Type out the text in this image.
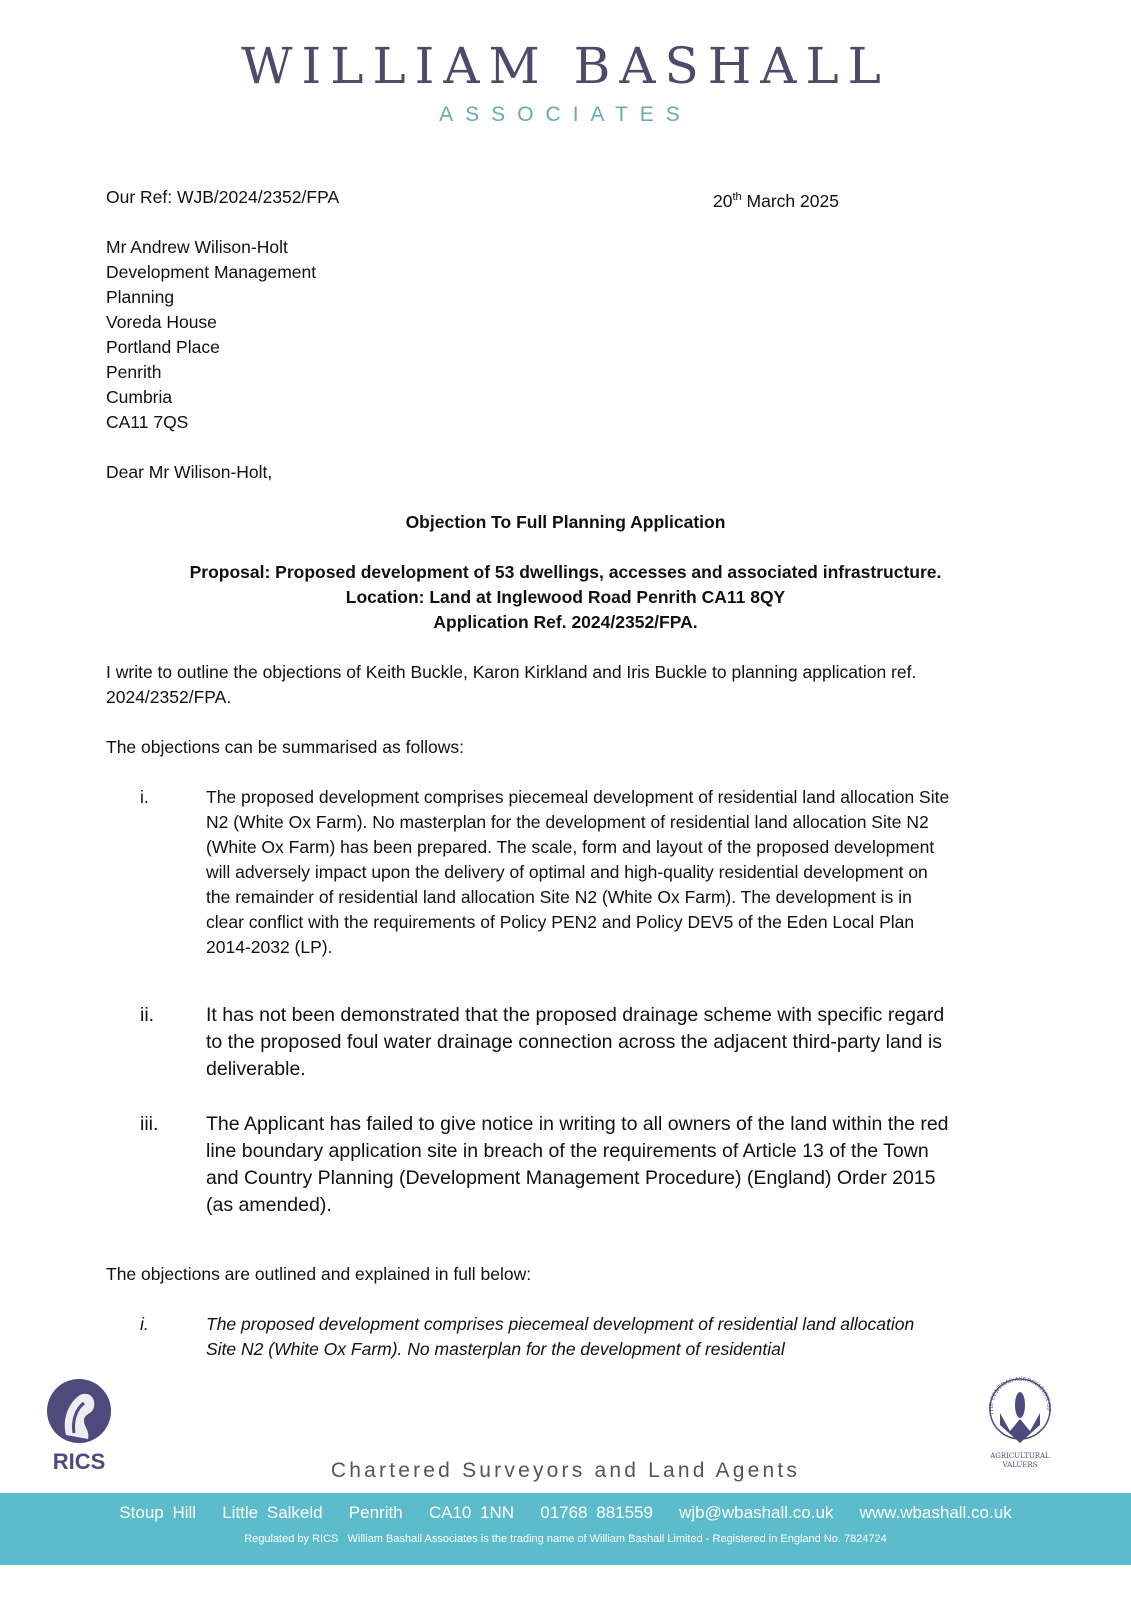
WILLIAM BASHALL
ASSOCIATES
Our Ref: WJB/2024/2352/FPA	20th March 2025
Mr Andrew Wilison-Holt
Development Management
Planning
Voreda House
Portland Place
Penrith
Cumbria
CA11 7QS
Dear Mr Wilison-Holt,
Objection To Full Planning Application
Proposal: Proposed development of 53 dwellings, accesses and associated infrastructure.
Location: Land at Inglewood Road Penrith CA11 8QY
Application Ref. 2024/2352/FPA.
I write to outline the objections of Keith Buckle, Karon Kirkland and Iris Buckle to planning application ref. 2024/2352/FPA.
The objections can be summarised as follows:
i.	The proposed development comprises piecemeal development of residential land allocation Site N2 (White Ox Farm). No masterplan for the development of residential land allocation Site N2 (White Ox Farm) has been prepared. The scale, form and layout of the proposed development will adversely impact upon the delivery of optimal and high-quality residential development on the remainder of residential land allocation Site N2 (White Ox Farm). The development is in clear conflict with the requirements of Policy PEN2 and Policy DEV5 of the Eden Local Plan 2014-2032 (LP).
ii.	It has not been demonstrated that the proposed drainage scheme with specific regard to the proposed foul water drainage connection across the adjacent third-party land is deliverable.
iii. The Applicant has failed to give notice in writing to all owners of the land within the red line boundary application site in breach of the requirements of Article 13 of the Town and Country Planning (Development Management Procedure) (England) Order 2015 (as amended).
The objections are outlined and explained in full below:
i.	The proposed development comprises piecemeal development of residential land allocation Site N2 (White Ox Farm). No masterplan for the development of residential
RICS
THE CENTRAL ASSOCIATION OF
AGRICULTURAL VALUERS
Chartered Surveyors and Land Agents
Stoup Hill   Little Salkeld   Penrith   CA10 1NN   01768 881559   wjb@wbashall.co.uk   www.wbashall.co.uk
Regulated by RICS   William Bashall Associates is the trading name of William Bashall Limited - Registered in England No. 7824724
